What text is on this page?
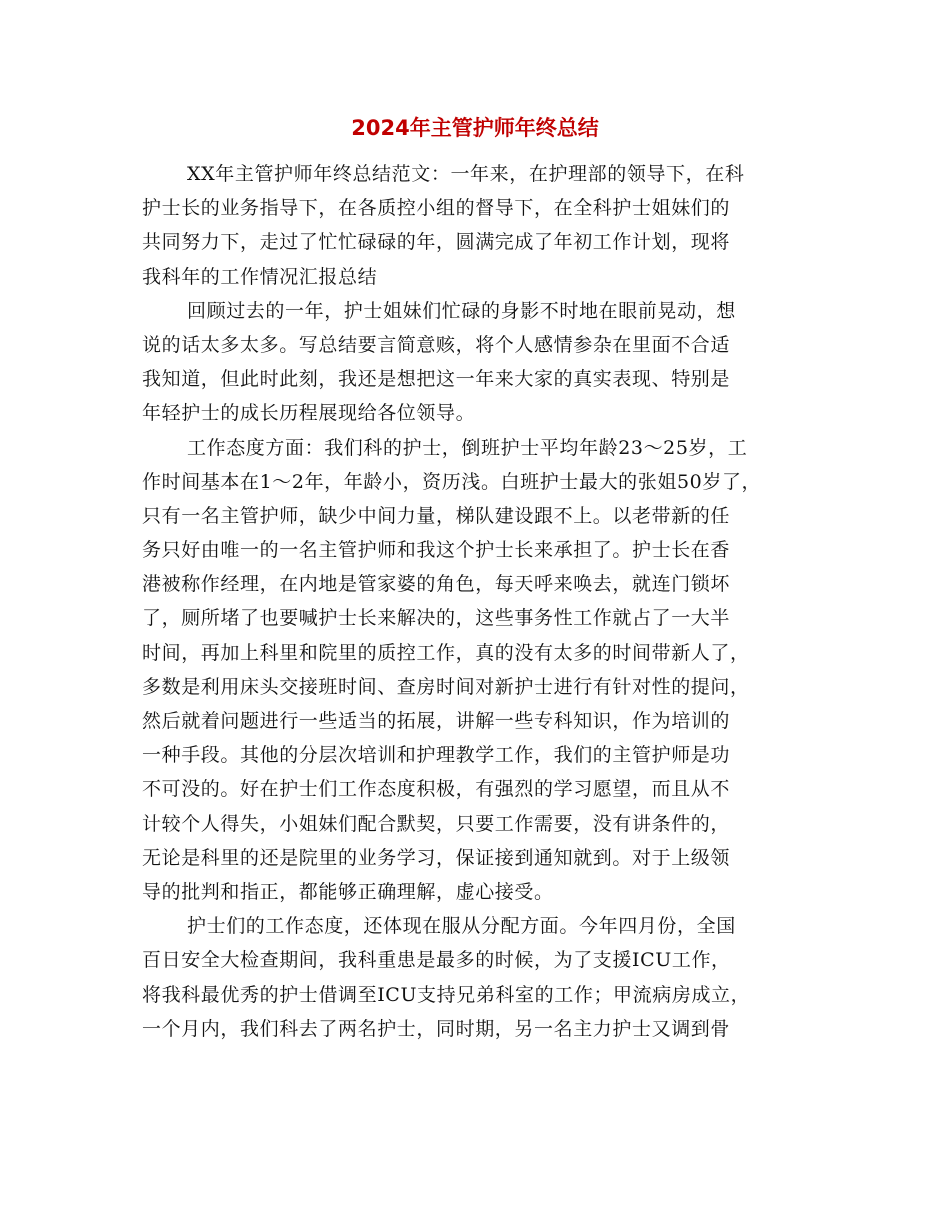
2024年主管护师年终总结
XX年主管护师年终总结范文：一年来，在护理部的领导下，在科
护士长的业务指导下，在各质控小组的督导下，在全科护士姐妹们的
共同努力下，走过了忙忙碌碌的年，圆满完成了年初工作计划，现将
我科年的工作情况汇报总结
回顾过去的一年，护士姐妹们忙碌的身影不时地在眼前晃动，想
说的话太多太多。写总结要言简意赅，将个人感情参杂在里面不合适
我知道，但此时此刻，我还是想把这一年来大家的真实表现、特别是
年轻护士的成长历程展现给各位领导。
工作态度方面：我们科的护士，倒班护士平均年龄23～25岁，工
作时间基本在1～2年，年龄小，资历浅。白班护士最大的张姐50岁了，
只有一名主管护师，缺少中间力量，梯队建设跟不上。以老带新的任
务只好由唯一的一名主管护师和我这个护士长来承担了。护士长在香
港被称作经理，在内地是管家婆的角色，每天呼来唤去，就连门锁坏
了，厕所堵了也要喊护士长来解决的，这些事务性工作就占了一大半
时间，再加上科里和院里的质控工作，真的没有太多的时间带新人了，
多数是利用床头交接班时间、查房时间对新护士进行有针对性的提问，
然后就着问题进行一些适当的拓展，讲解一些专科知识，作为培训的
一种手段。其他的分层次培训和护理教学工作，我们的主管护师是功
不可没的。好在护士们工作态度积极，有强烈的学习愿望，而且从不
计较个人得失，小姐妹们配合默契，只要工作需要，没有讲条件的，
无论是科里的还是院里的业务学习，保证接到通知就到。对于上级领
导的批判和指正，都能够正确理解，虚心接受。
护士们的工作态度，还体现在服从分配方面。今年四月份，全国
百日安全大检查期间，我科重患是最多的时候，为了支援ICU工作，
将我科最优秀的护士借调至ICU支持兄弟科室的工作；甲流病房成立，
一个月内，我们科去了两名护士，同时期，另一名主力护士又调到骨
